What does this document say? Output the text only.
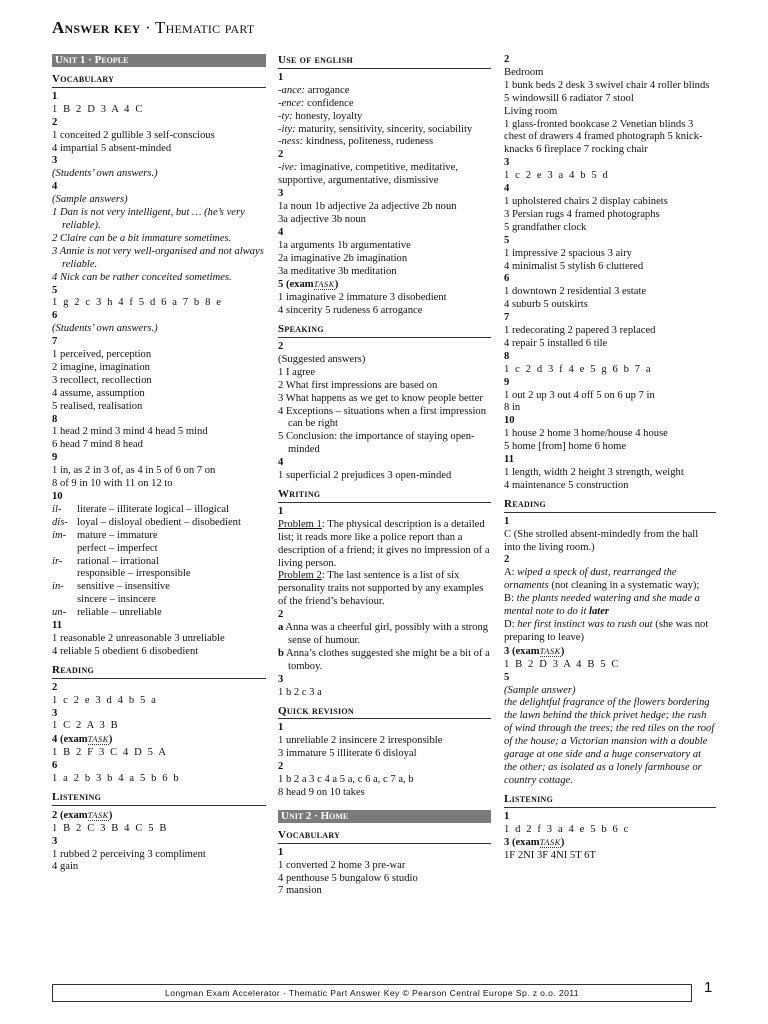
Answer key · Thematic part
Unit 1 · People
Vocabulary
1
1 B 2 D 3 A 4 C
2
1 conceited 2 gullible 3 self-conscious
4 impartial 5 absent-minded
3
(Students’ own answers.)
4
(Sample answers)
1 Dan is not very intelligent, but … (he’s very reliable).
2 Claire can be a bit immature sometimes.
3 Annie is not very well-organised and not always reliable.
4 Nick can be rather conceited sometimes.
5
1 g 2 c 3 h 4 f 5 d 6 a 7 b 8 e
6
(Students’ own answers.)
7
1 perceived, perception
2 imagine, imagination
3 recollect, recollection
4 assume, assumption
5 realised, realisation
8
1 head 2 mind 3 mind 4 head 5 mind
6 head 7 mind 8 head
9
1 in, as 2 in 3 of, as 4 in 5 of 6 on 7 on
8 of 9 in 10 with 11 on 12 to
10
il- literate – illiterate logical – illogical
dis- loyal – disloyal obedient – disobedient
im- mature – immature
perfect – imperfect
ir- rational – irrational
responsible – irresponsible
in- sensitive – insensitive
sincere – insincere
un- reliable – unreliable
11
1 reasonable 2 unreasonable 3 unreliable
4 reliable 5 obedient 6 disobedient
Reading
2
1 c 2 e 3 d 4 b 5 a
3
1 C 2 A 3 B
4 (examTASK)
1 B 2 F 3 C 4 D 5 A
6
1 a 2 b 3 b 4 a 5 b 6 b
Listening
2 (examTASK)
1 B 2 C 3 B 4 C 5 B
3
1 rubbed 2 perceiving 3 compliment
4 gain
Use of english
1
-ance: arrogance
-ence: confidence
-ty: honesty, loyalty
-ity: maturity, sensitivity, sincerity, sociability
-ness: kindness, politeness, rudeness
2
-ive: imaginative, competitive, meditative, supportive, argumentative, dismissive
3
1a noun 1b adjective 2a adjective 2b noun
3a adjective 3b noun
4
1a arguments 1b argumentative
2a imaginative 2b imagination
3a meditative 3b meditation
5 (examTASK)
1 imaginative 2 immature 3 disobedient
4 sincerity 5 rudeness 6 arrogance
Speaking
2
(Suggested answers)
1 I agree
2 What first impressions are based on
3 What happens as we get to know people better
4 Exceptions – situations when a first impression can be right
5 Conclusion: the importance of staying open-minded
4
1 superficial 2 prejudices 3 open-minded
Writing
1
Problem 1: The physical description is a detailed list; it reads more like a police report than a description of a friend; it gives no impression of a living person.
Problem 2: The last sentence is a list of six personality traits not supported by any examples of the friend’s behaviour.
2
a Anna was a cheerful girl, possibly with a strong sense of humour.
b Anna’s clothes suggested she might be a bit of a tomboy.
3
1 b 2 c 3 a
Quick revision
1
1 unreliable 2 insincere 2 irresponsible
3 immature 5 illiterate 6 disloyal
2
1 b 2 a 3 c 4 a 5 a, c 6 a, c 7 a, b
8 head 9 on 10 takes
Unit 2 · Home
Vocabulary
1
1 converted 2 home 3 pre-war
4 penthouse 5 bungalow 6 studio
7 mansion
2
Bedroom
1 bunk beds 2 desk 3 swivel chair 4 roller blinds 5 windowsill 6 radiator 7 stool
Living room
1 glass-fronted bookcase 2 Venetian blinds 3 chest of drawers 4 framed photograph 5 knick-knacks 6 fireplace 7 rocking chair
3
1 c 2 e 3 a 4 b 5 d
4
1 upholstered chairs 2 display cabinets
3 Persian rugs 4 framed photographs
5 grandfather clock
5
1 impressive 2 spacious 3 airy
4 minimalist 5 stylish 6 cluttered
6
1 downtown 2 residential 3 estate
4 suburb 5 outskirts
7
1 redecorating 2 papered 3 replaced
4 repair 5 installed 6 tile
8
1 c 2 d 3 f 4 e 5 g 6 b 7 a
9
1 out 2 up 3 out 4 off 5 on 6 up 7 in
8 in
10
1 house 2 home 3 home/house 4 house
5 home [from] home 6 home
11
1 length, width 2 height 3 strength, weight
4 maintenance 5 construction
Reading
1
C (She strolled absent-mindedly from the hall into the living room.)
2
A: wiped a speck of dust, rearranged the ornaments (not cleaning in a systematic way);
B: the plants needed watering and she made a mental note to do it later
D: her first instinct was to rush out (she was not preparing to leave)
3 (examTASK)
1 B 2 D 3 A 4 B 5 C
5
(Sample answer)
the delightful fragrance of the flowers bordering the lawn behind the thick privet hedge; the rush of wind through the trees; the red tiles on the roof of the house; a Victorian mansion with a double garage at one side and a huge conservatory at the other; as isolated as a lonely farmhouse or country cottage.
Listening
1
1 d 2 f 3 a 4 e 5 b 6 c
3 (examTASK)
1F 2NI 3F 4NI 5T 6T
Longman Exam Accelerator · Thematic Part Answer Key © Pearson Central Europe Sp. z o.o. 2011	1
